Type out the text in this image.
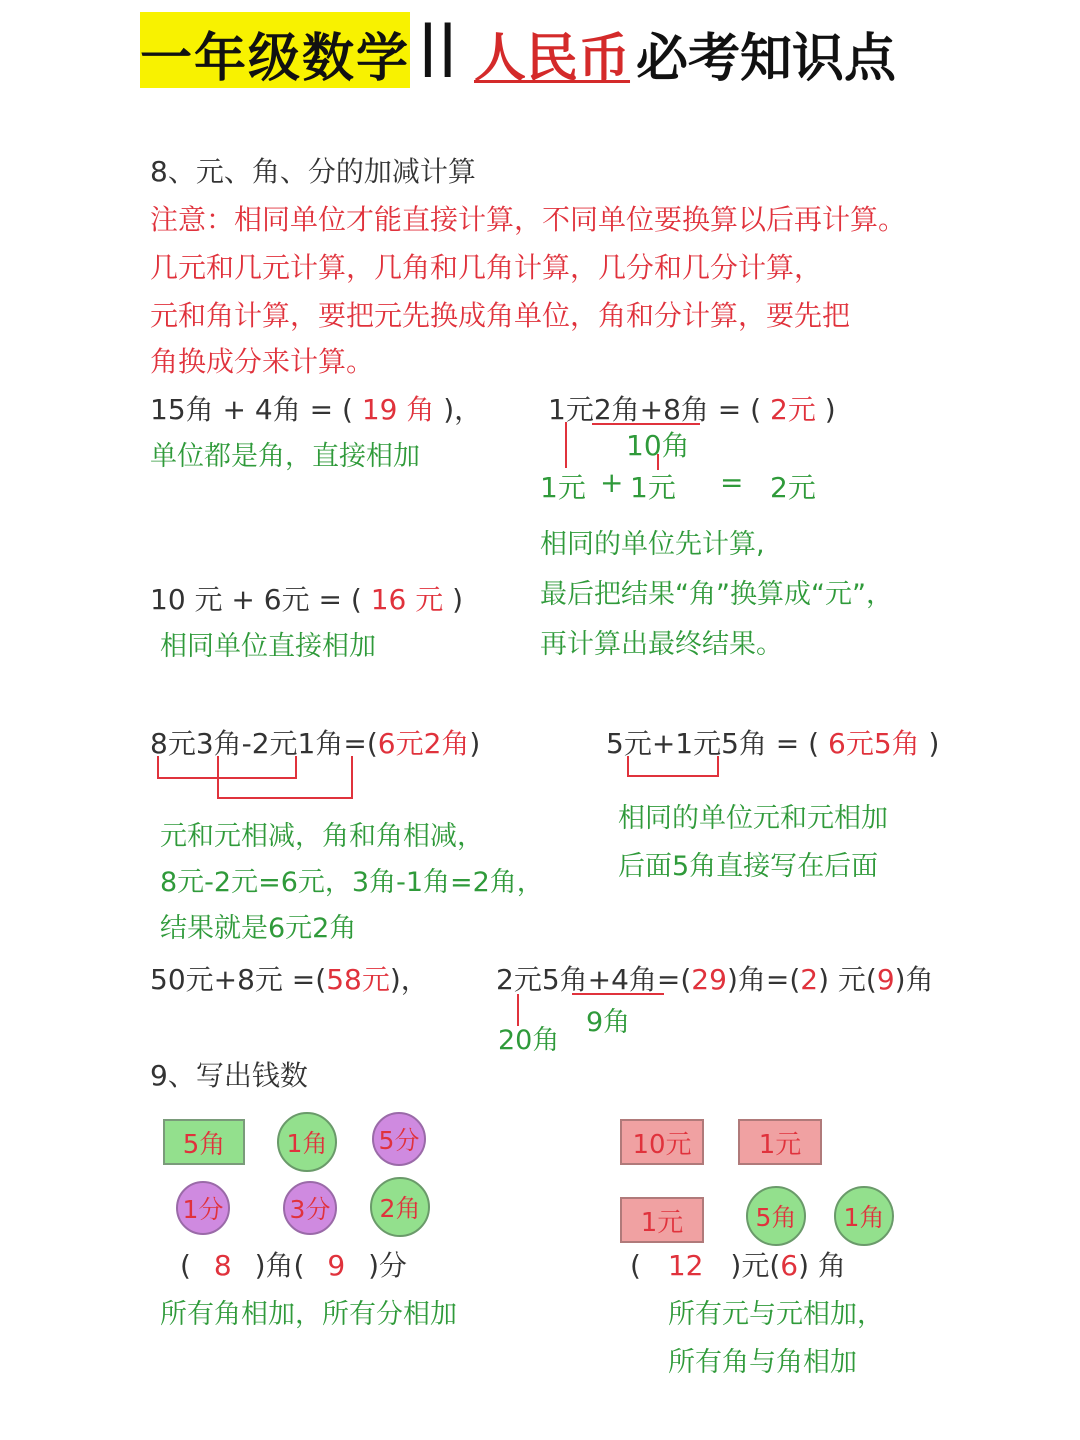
一年级数学 || 人民币 必考知识点
8、元、角、分的加减计算
注意：相同单位才能直接计算，不同单位要换算以后再计算。
几元和几元计算，几角和几角计算，几分和几分计算，
元和角计算，要把元先换成角单位，角和分计算，要先把
角换成分来计算。
15角 + 4角 = ( 19 角 )，
单位都是角，直接相加
1元2角+8角 = ( 2元 )
10角
1元 + 1元 = 2元
相同的单位先计算,
最后把结果“角”换算成“元”，
再计算出最终结果。
10 元 + 6元 = ( 16 元 )
相同单位直接相加
8元3角-2元1角=(6元2角)
元和元相减，角和角相减，
8元-2元=6元，3角-1角=2角，
结果就是6元2角
5元+1元5角 = ( 6元5角 )
相同的单位元和元相加
后面5角直接写在后面
50元+8元 =(58元)， 2元5角+4角=(29)角=(2) 元(9)角
9角
20角
9、写出钱数
5角	1角	5分
1分	3分	2角
( 8 )角( 9 )分
所有角相加，所有分相加
10元	1元
1元	5角	1角
( 12 )元(6) 角
所有元与元相加，
所有角与角相加
